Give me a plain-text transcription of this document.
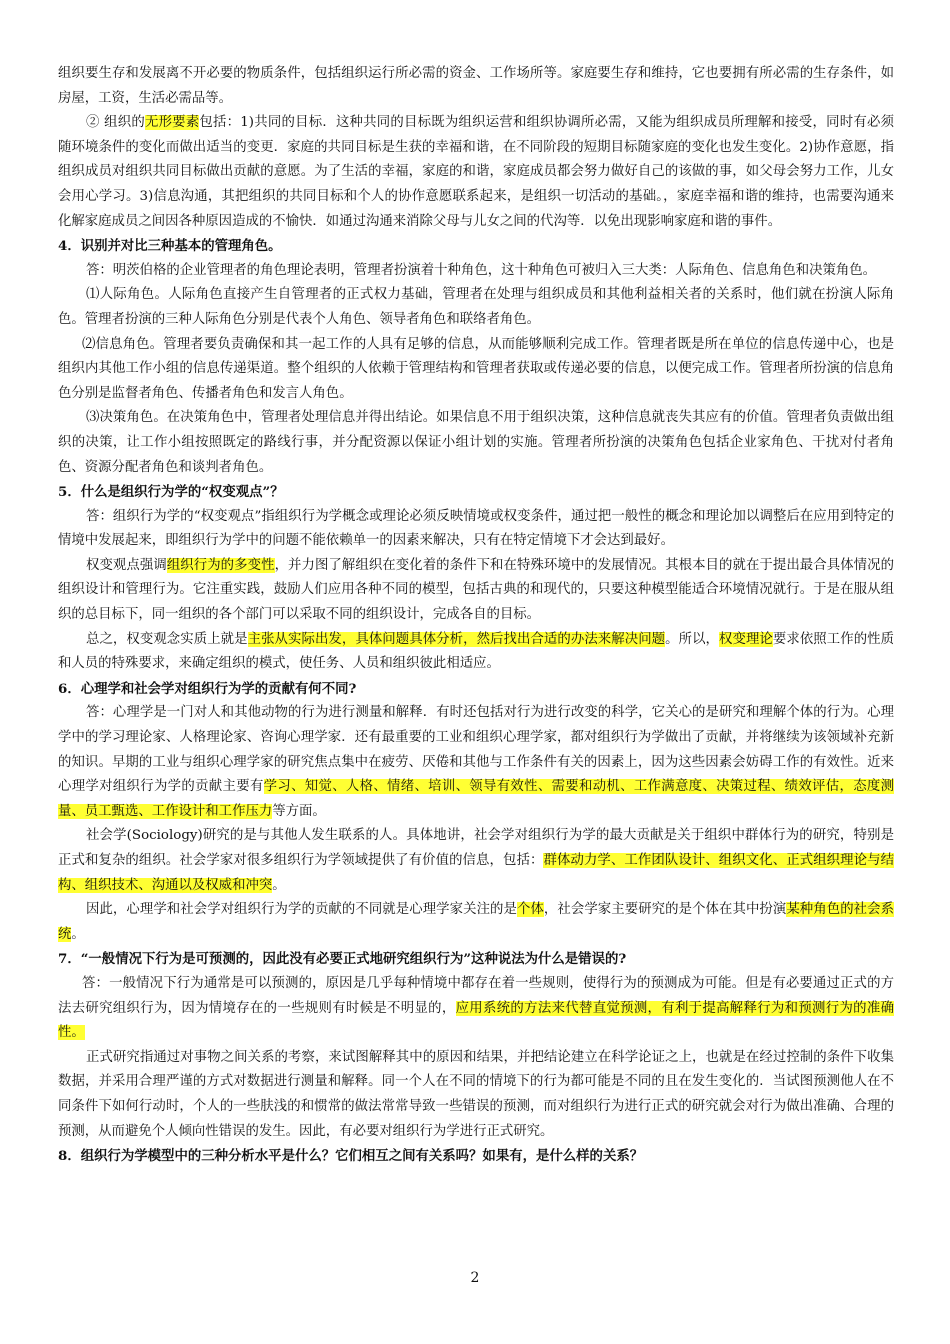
组织要生存和发展离不开必要的物质条件，包括组织运行所必需的资金、工作场所等。家庭要生存和维持，它也要拥有所必需的生存条件，如房屋，工资，生活必需品等。

② 组织的无形要素包括：1)共同的目标．这种共同的目标既为组织运营和组织协调所必需，又能为组织成员所理解和接受，同时有必须随环境条件的变化而做出适当的变更．家庭的共同目标是生获的幸福和谐，在不同阶段的短期目标随家庭的变化也发生变化。2)协作意愿，指组织成员对组织共同目标做出贡献的意愿。为了生活的幸福，家庭的和谐，家庭成员都会努力做好自己的该做的事，如父母会努力工作，儿女会用心学习。3)信息沟通，其把组织的共同目标和个人的协作意愿联系起来，是组织一切活动的基础。，家庭幸福和谐的维持，也需要沟通来化解家庭成员之间因各种原因造成的不愉快．如通过沟通来消除父母与儿女之间的代沟等．以免出现影响家庭和谐的事件。

4．识别并对比三种基本的管理角色。

答：明茨伯格的企业管理者的角色理论表明，管理者扮演着十种角色，这十种角色可被归入三大类：人际角色、信息角色和决策角色。

⑴人际角色。人际角色直接产生自管理者的正式权力基础，管理者在处理与组织成员和其他利益相关者的关系时，他们就在扮演人际角色。管理者扮演的三种人际角色分别是代表个人角色、领导者角色和联络者角色。

⑵信息角色。管理者要负责确保和其一起工作的人具有足够的信息，从而能够顺利完成工作。管理者既是所在单位的信息传递中心，也是组织内其他工作小组的信息传递渠道。整个组织的人依赖于管理结构和管理者获取或传递必要的信息，以便完成工作。管理者所扮演的信息角色分别是监督者角色、传播者角色和发言人角色。

⑶决策角色。在决策角色中，管理者处理信息并得出结论。如果信息不用于组织决策，这种信息就丧失其应有的价值。管理者负责做出组织的决策，让工作小组按照既定的路线行事，并分配资源以保证小组计划的实施。管理者所扮演的决策角色包括企业家角色、干扰对付者角色、资源分配者角色和谈判者角色。

5．什么是组织行为学的“权变观点”？

答：组织行为学的“权变观点”指组织行为学概念或理论必须反映情境或权变条件，通过把一般性的概念和理论加以调整后在应用到特定的情境中发展起来，即组织行为学中的问题不能依赖单一的因素来解决，只有在特定情境下才会达到最好。

权变观点强调组织行为的多变性，并力图了解组织在变化着的条件下和在特殊环境中的发展情况。其根本目的就在于提出最合具体情况的组织设计和管理行为。它注重实践，鼓励人们应用各种不同的模型，包括古典的和现代的，只要这种模型能适合环境情况就行。于是在服从组织的总目标下，同一组织的各个部门可以采取不同的组织设计，完成各自的目标。

总之，权变观念实质上就是主张从实际出发，具体问题具体分析，然后找出合适的办法来解决问题。所以，权变理论要求依照工作的性质和人员的特殊要求，来确定组织的模式，使任务、人员和组织彼此相适应。

6．心理学和社会学对组织行为学的贡献有何不同?

答：心理学是一门对人和其他动物的行为进行测量和解释．有时还包括对行为进行改变的科学，它关心的是研究和理解个体的行为。心理学中的学习理论家、人格理论家、咨询心理学家．还有最重要的工业和组织心理学家，都对组织行为学做出了贡献，并将继续为该领域补充新的知识。早期的工业与组织心理学家的研究焦点集中在疲劳、厌倦和其他与工作条件有关的因素上，因为这些因素会妨碍工作的有效性。近来心理学对组织行为学的贡献主要有学习、知觉、人格、情绪、培训、领导有效性、需要和动机、工作满意度、决策过程、绩效评估，态度测量、员工甄选、工作设计和工作压力等方面。

社会学(Sociology)研究的是与其他人发生联系的人。具体地讲，社会学对组织行为学的最大贡献是关于组织中群体行为的研究，特别是正式和复杂的组织。社会学家对很多组织行为学领域提供了有价值的信息，包括：群体动力学、工作团队设计、组织文化、正式组织理论与结构、组织技术、沟通以及权威和冲突。

因此，心理学和社会学对组织行为学的贡献的不同就是心理学家关注的是个体，社会学家主要研究的是个体在其中扮演某种角色的社会系统。

7．“一般情况下行为是可预测的，因此没有必要正式地研究组织行为”这种说法为什么是错误的?

答：一般情况下行为通常是可以预测的，原因是几乎每种情境中都存在着一些规则，使得行为的预测成为可能。但是有必要通过正式的方法去研究组织行为，因为情境存在的一些规则有时候是不明显的，应用系统的方法来代替直觉预测，有利于提高解释行为和预测行为的准确性。

正式研究指通过对事物之间关系的考察，来试图解释其中的原因和结果，并把结论建立在科学论证之上，也就是在经过控制的条件下收集数据，并采用合理严谨的方式对数据进行测量和解释。同一个人在不同的情境下的行为都可能是不同的且在发生变化的．当试图预测他人在不同条件下如何行动时，个人的一些肤浅的和惯常的做法常常导致一些错误的预测，而对组织行为进行正式的研究就会对行为做出准确、合理的预测，从而避免个人倾向性错误的发生。因此，有必要对组织行为学进行正式研究。

8．组织行为学模型中的三种分析水平是什么？它们相互之间有关系吗？如果有，是什么样的关系？

2
